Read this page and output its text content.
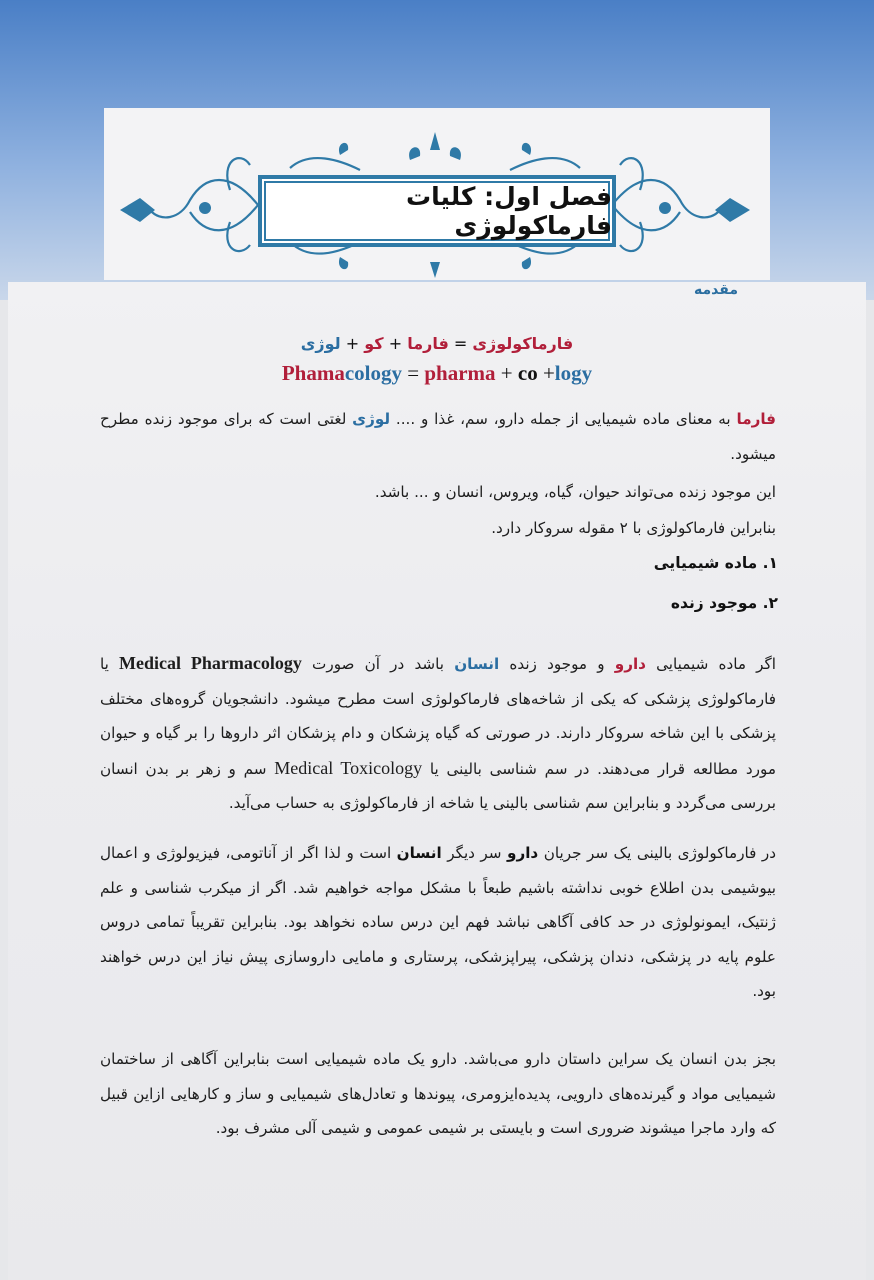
فصل اول: کلیات فارماکولوژی
مقدمه
فارماکولوژی = فارما + کو + لوژی
Phamacology = pharma + co +logy
فارما به معنای ماده شیمیایی از جمله دارو، سم، غذا و .... لوژی لغتی است که برای موجود زنده مطرح میشود.
این موجود زنده می‌تواند حیوان، گیاه، ویروس، انسان و ... باشد.
بنابراین فارماکولوژی با ۲ مقوله سروکار دارد.
۱. ماده شیمیایی
۲. موجود زنده
اگر ماده شیمیایی دارو و موجود زنده انسان باشد در آن صورت Medical Pharmacology یا فارماکولوژی پزشکی که یکی از شاخه‌های فارماکولوژی است مطرح میشود. دانشجویان گروه‌های مختلف پزشکی با این شاخه سروکار دارند. در صورتی که گیاه پزشکان و دام پزشکان اثر داروها را بر گیاه و حیوان مورد مطالعه قرار می‌دهند. در سم شناسی بالینی یا Medical Toxicology سم و زهر بر بدن انسان بررسی می‌گردد و بنابراین سم شناسی بالینی یا شاخه از فارماکولوژی به حساب می‌آید.
در فارماکولوژی بالینی یک سر جریان دارو سر دیگر انسان است و لذا اگر از آناتومی، فیزیولوژی و اعمال بیوشیمی بدن اطلاع خوبی نداشته باشیم طبعاً با مشکل مواجه خواهیم شد. اگر از میکرب شناسی و علم ژنتیک، ایمونولوژی در حد کافی آگاهی نباشد فهم این درس ساده نخواهد بود. بنابراین تقریباً تمامی دروس علوم پایه در پزشکی، دندان پزشکی، پیراپزشکی، پرستاری و مامایی داروسازی پیش نیاز این درس خواهند بود.
بجز بدن انسان یک سراین داستان دارو می‌باشد. دارو یک ماده شیمیایی است بنابراین آگاهی از ساختمان شیمیایی مواد و گیرنده‌های دارویی، پدیده‌ایزومری، پیوندها و تعادل‌های شیمیایی و ساز و کارهایی ازاین قبیل که وارد ماجرا میشوند ضروری است و بایستی بر شیمی عمومی و شیمی آلی مشرف بود.
